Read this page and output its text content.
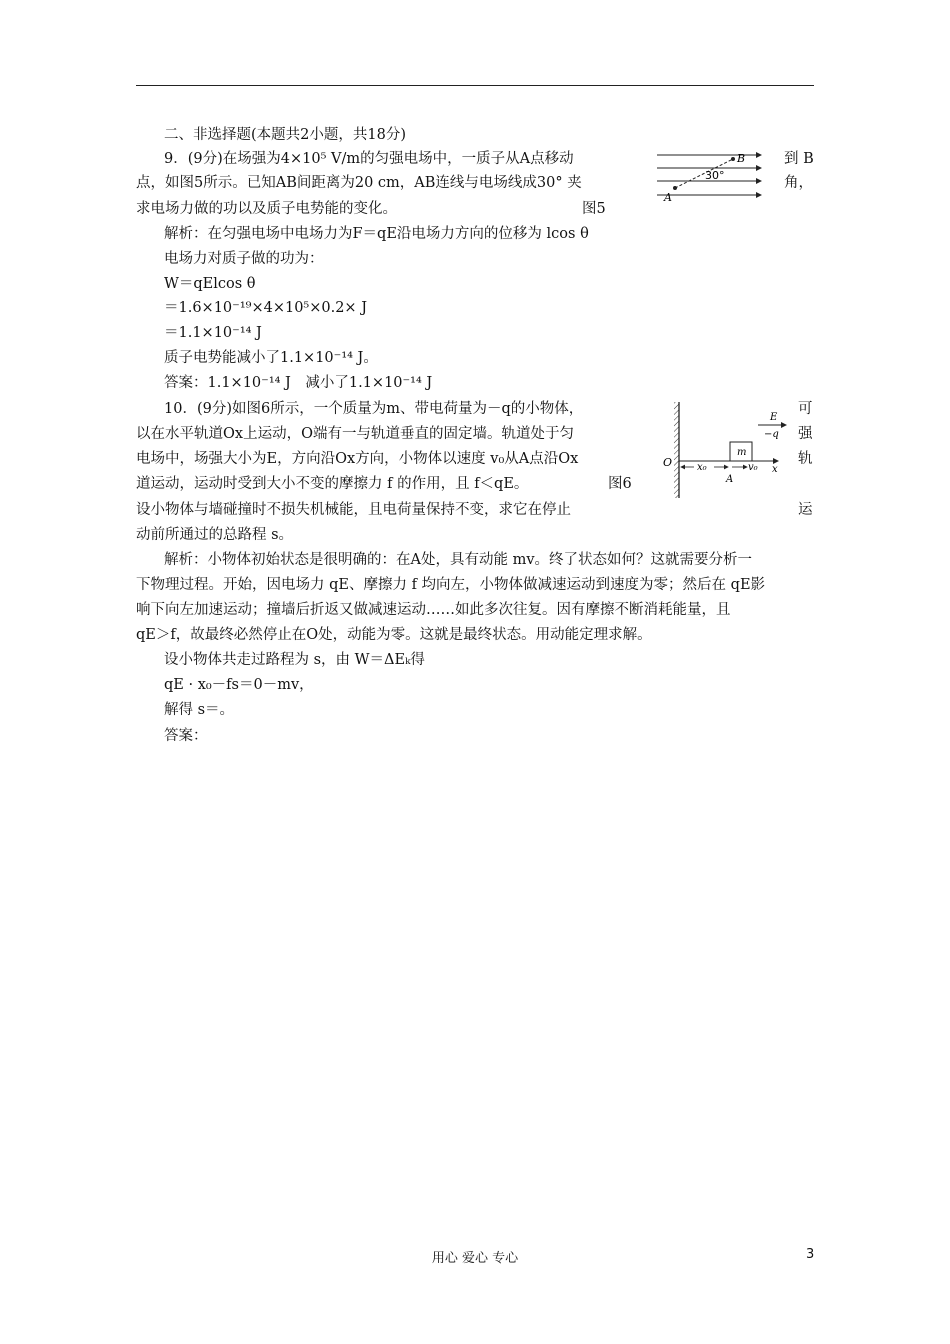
二、非选择题(本题共2小题，共18分)
9．(9分)在场强为4×10⁵ V/m的匀强电场中，一质子从A点移动	到 B
点，如图5所示。已知AB间距离为20 cm，AB连线与电场线成30° 夹	角，
求电场力做的功以及质子电势能的变化。	图5
A
B
30°
解析：在匀强电场中电场力为F＝qE沿电场力方向的位移为 lcos θ
电场力对质子做的功为：
W＝qElcos θ
＝1.6×10⁻¹⁹×4×10⁵×0.2× J
＝1.1×10⁻¹⁴ J
质子电势能减小了1.1×10⁻¹⁴ J。
答案：1.1×10⁻¹⁴ J　减小了1.1×10⁻¹⁴ J
10．(9分)如图6所示，一个质量为m、带电荷量为－q的小物体，	可
以在水平轨道Ox上运动，O端有一与轨道垂直的固定墙。轨道处于匀	强
电场中，场强大小为E，方向沿Ox方向，小物体以速度 v₀从A点沿Ox	轨
道运动，运动时受到大小不变的摩擦力 f 的作用，且 f＜qE。	图6
设小物体与墙碰撞时不损失机械能，且电荷量保持不变，求它在停止	运
动前所通过的总路程 s。
E
−q
m
O x₀	v₀
A
x
解析：小物体初始状态是很明确的：在A处，具有动能 mv。终了状态如何？这就需要分析一
下物理过程。开始，因电场力 qE、摩擦力 f 均向左，小物体做减速运动到速度为零；然后在 qE影
响下向左加速运动；撞墙后折返又做减速运动……如此多次往复。因有摩擦不断消耗能量，且
qE＞f，故最终必然停止在O处，动能为零。这就是最终状态。用动能定理求解。
设小物体共走过路程为 s，由 W＝ΔEₖ得
qE · x₀－fs＝0－mv，
解得 s＝。
答案：
用心 爱心 专心	3
